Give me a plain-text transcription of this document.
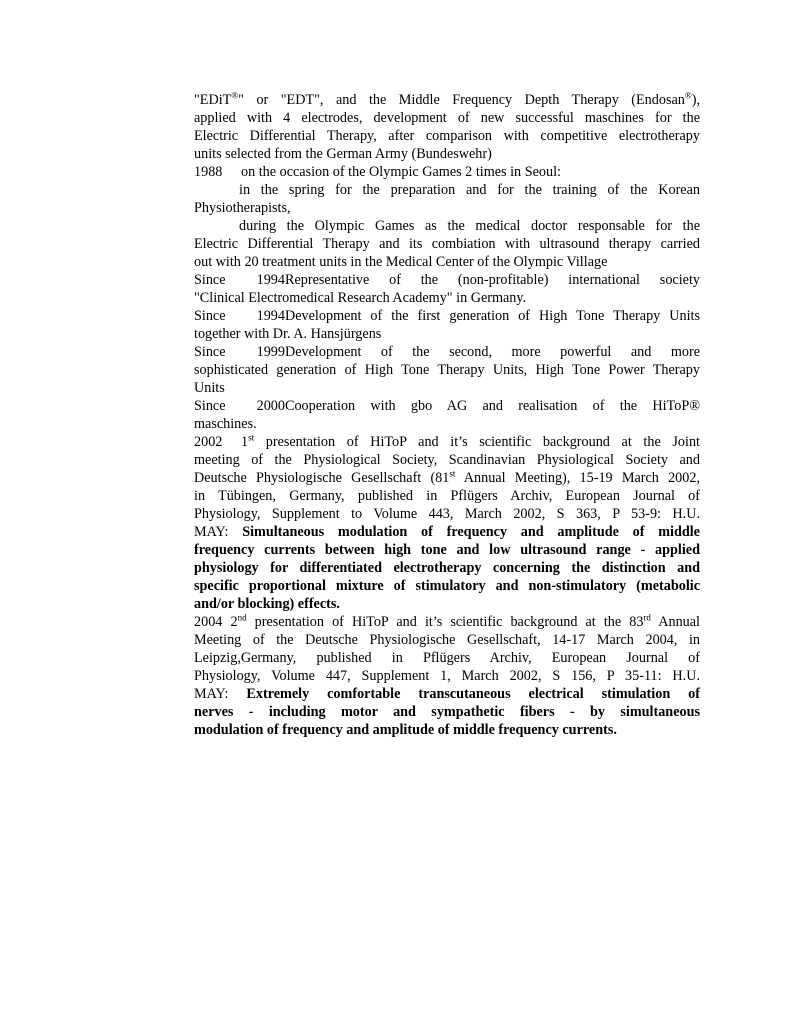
"EDiT®" or "EDT", and the Middle Frequency Depth Therapy (Endosan®),

applied with 4 electrodes, development of new successful maschines for the

Electric Differential Therapy, after comparison with competitive electrotherapy

units selected from the German Army (Bundeswehr)

1988 on the occasion of the Olympic Games 2 times in Seoul:

in the spring for the preparation and for the training of the Korean

Physiotherapists,

during the Olympic Games as the medical doctor responsable for the

Electric Differential Therapy and its combiation with ultrasound therapy carried

out with 20 treatment units in the Medical Center of the Olympic Village

Since 1994Representative of the (non-profitable) international society

"Clinical Electromedical Research Academy" in Germany.

Since 1994Development of the first generation of High Tone Therapy Units

together with Dr. A. Hansjürgens

Since 1999Development of the second, more powerful and more

sophisticated generation of High Tone Therapy Units, High Tone Power Therapy

Units

Since 2000Cooperation with gbo AG and realisation of the HiToP®

maschines.

2002 1st presentation of HiToP and it’s scientific background at the Joint

meeting of the Physiological Society, Scandinavian Physiological Society and

Deutsche Physiologische Gesellschaft (81st Annual Meeting), 15-19 March 2002,

in Tübingen, Germany, published in Pflügers Archiv, European Journal of

Physiology, Supplement to Volume 443, March 2002, S 363, P 53-9: H.U.

MAY: Simultaneous modulation of frequency and amplitude of middle

frequency currents between high tone and low ultrasound range - applied

physiology for differentiated electrotherapy concerning the distinction and

specific proportional mixture of stimulatory and non-stimulatory (metabolic

and/or blocking) effects.

2004 2nd presentation of HiToP and it’s scientific background at the 83rd Annual

Meeting of the Deutsche Physiologische Gesellschaft, 14-17 March 2004, in

Leipzig,Germany, published in Pflügers Archiv, European Journal of

Physiology, Volume 447, Supplement 1, March 2002, S 156, P 35-11: H.U.

MAY: Extremely comfortable transcutaneous electrical stimulation of

nerves - including motor and sympathetic fibers - by simultaneous

modulation of frequency and amplitude of middle frequency currents.
